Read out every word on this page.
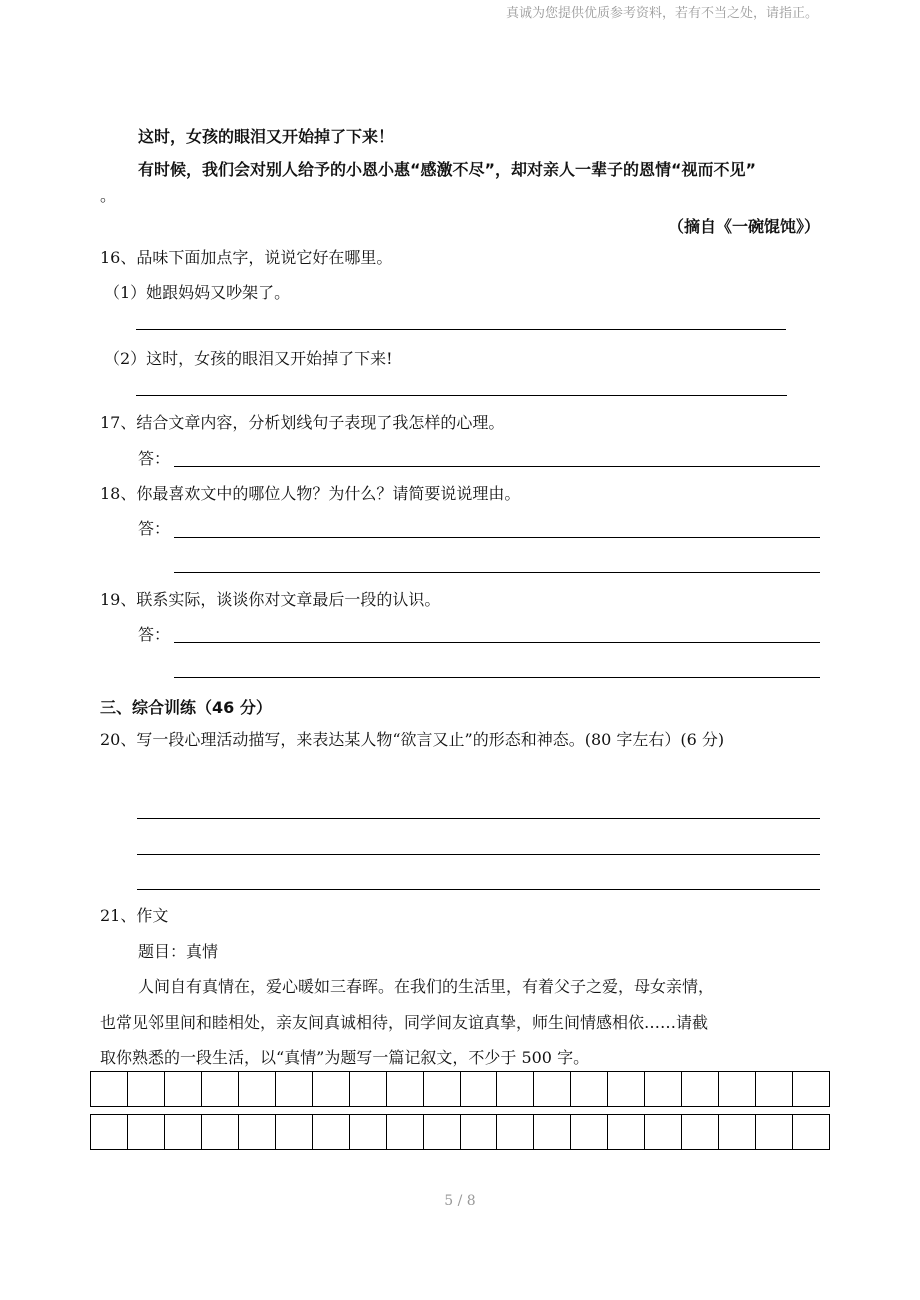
真诚为您提供优质参考资料，若有不当之处，请指正。
这时，女孩的眼泪又开始掉了下来！
有时候，我们会对别人给予的小恩小惠“感激不尽”，却对亲人一辈子的恩情“视而不见”
。
（摘自《一碗馄饨》）
16、品味下面加点字，说说它好在哪里。
（1）她跟妈妈又吵架了。
（2）这时，女孩的眼泪又开始掉了下来!
17、结合文章内容，分析划线句子表现了我怎样的心理。
答：
18、你最喜欢文中的哪位人物？为什么？请简要说说理由。
答：
19、联系实际，谈谈你对文章最后一段的认识。
答：
三、综合训练（46 分）
20、写一段心理活动描写，来表达某人物“欲言又止”的形态和神态。(80 字左右）(6 分)
21、作文
题目：真情
人间自有真情在，爱心暖如三春晖。在我们的生活里，有着父子之爱，母女亲情，
也常见邻里间和睦相处，亲友间真诚相待，同学间友谊真挚，师生间情感相依……请截
取你熟悉的一段生活，以“真情”为题写一篇记叙文，不少于 500 字。
5 / 8
